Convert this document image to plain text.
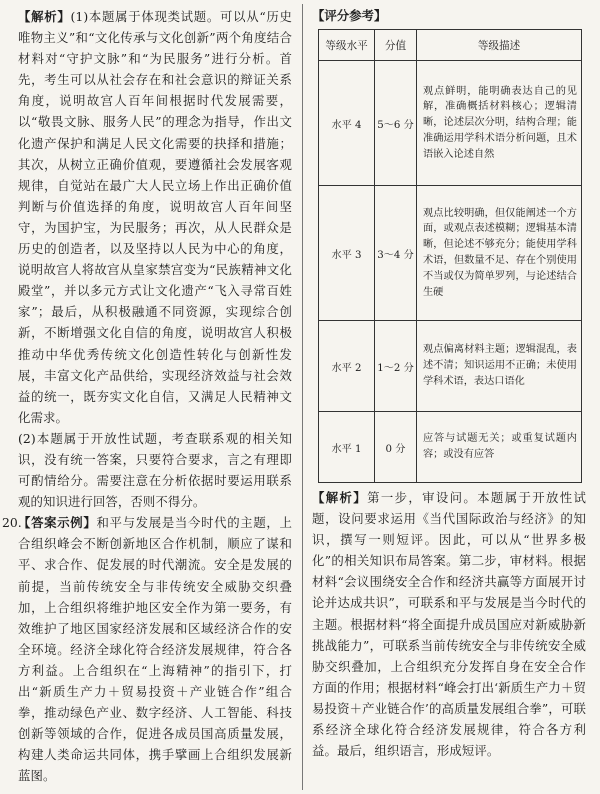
【解析】(1)本题属于体现类试题。可以从“历史唯物主义”和“文化传承与文化创新”两个角度结合材料对“守护文脉”和“为民服务”进行分析。首先，考生可以从社会存在和社会意识的辩证关系角度，说明故宫人百年间根据时代发展需要，以“敬畏文脉、服务人民”的理念为指导，作出文化遗产保护和满足人民文化需要的抉择和措施；其次，从树立正确价值观，要遵循社会发展客观规律，自觉站在最广大人民立场上作出正确价值判断与价值选择的角度，说明故宫人百年间坚守，为国护宝，为民服务；再次，从人民群众是历史的创造者，以及坚持以人民为中心的角度，说明故宫人将故宫从皇家禁宫变为“民族精神文化殿堂”，并以多元方式让文化遗产“飞入寻常百姓家”；最后，从积极融通不同资源，实现综合创新，不断增强文化自信的角度，说明故宫人积极推动中华优秀传统文化创造性转化与创新性发展，丰富文化产品供给，实现经济效益与社会效益的统一，既夯实文化自信，又满足人民精神文化需求。

(2)本题属于开放性试题，考查联系观的相关知识，没有统一答案，只要符合要求，言之有理即可酌情给分。需要注意在分析依据时要运用联系观的知识进行回答，否则不得分。

20.

【答案示例】和平与发展是当今时代的主题，上合组织峰会不断创新地区合作机制，顺应了谋和平、求合作、促发展的时代潮流。安全是发展的前提，当前传统安全与非传统安全威胁交织叠加，上合组织将维护地区安全作为第一要务，有效维护了地区国家经济发展和区域经济合作的安全环境。经济全球化符合经济发展规律，符合各方利益。上合组织在“上海精神”的指引下，打出“新质生产力＋贸易投资＋产业链合作”组合拳，推动绿色产业、数字经济、人工智能、科技创新等领域的合作，促进各成员国高质量发展，构建人类命运共同体，携手擘画上合组织发展新蓝图。

【评分参考】
等级水平	分值	等级描述
水平 4	5～6 分	观点鲜明，能明确表达自己的见解，准确概括材料核心；逻辑清晰，论述层次分明，结构合理；能准确运用学科术语分析问题，且术语嵌入论述自然
水平 3	3～4 分	观点比较明确，但仅能阐述一个方面，或观点表述模糊；逻辑基本清晰，但论述不够充分；能使用学科术语，但数量不足、存在个别使用不当或仅为简单罗列，与论述结合生硬
水平 2	1～2 分	观点偏离材料主题；逻辑混乱，表述不清；知识运用不正确；未使用学科术语，表达口语化
水平 1	0 分	应答与试题无关；或重复试题内容；或没有应答

【解析】第一步，审设问。本题属于开放性试题，设问要求运用《当代国际政治与经济》的知识，撰写一则短评。因此，可以从“世界多极化”的相关知识布局答案。第二步，审材料。根据材料“会议围绕安全合作和经济共赢等方面展开讨论并达成共识”，可联系和平与发展是当今时代的主题。根据材料“将全面提升成员国应对新威胁新挑战能力”，可联系当前传统安全与非传统安全威胁交织叠加，上合组织充分发挥自身在安全合作方面的作用；根据材料“峰会打出‘新质生产力＋贸易投资＋产业链合作’的高质量发展组合拳”，可联系经济全球化符合经济发展规律，符合各方利益。最后，组织语言，形成短评。
